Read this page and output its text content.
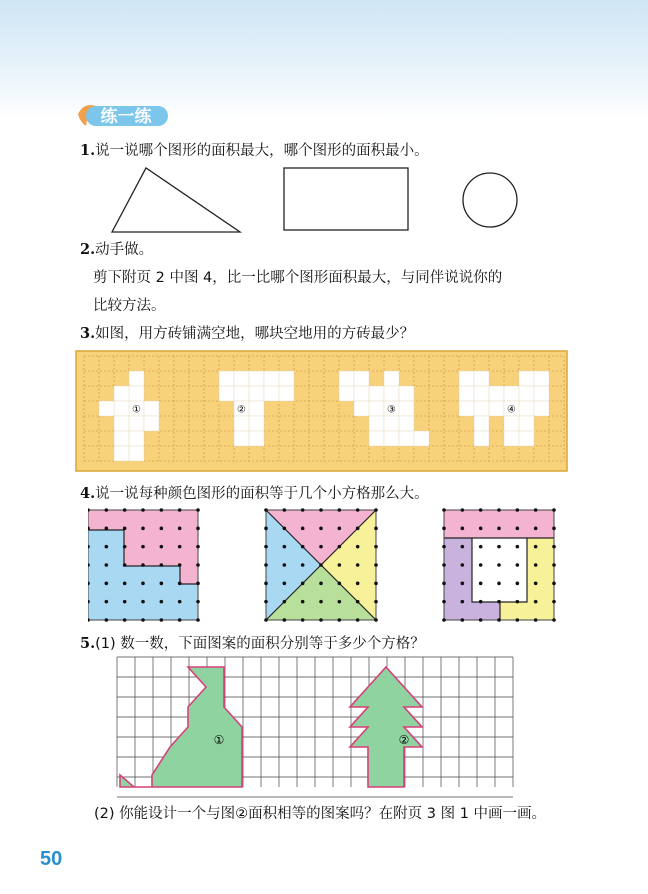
练一练
1.说一说哪个图形的面积最大，哪个图形的面积最小。
2.动手做。
剪下附页 2 中图 4，比一比哪个图形面积最大，与同伴说说你的
比较方法。
3.如图，用方砖铺满空地，哪块空地用的方砖最少？
①	②	③	④
4.说一说每种颜色图形的面积等于几个小方格那么大。
5.(1) 数一数，下面图案的面积分别等于多少个方格？
①	②
(2) 你能设计一个与图②面积相等的图案吗？在附页 3 图 1 中画一画。
50
